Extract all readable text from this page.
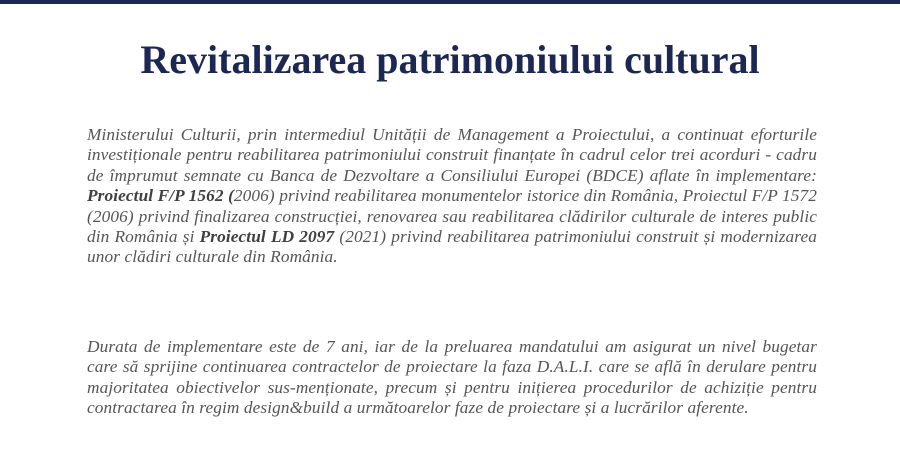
Revitalizarea patrimoniului cultural

Ministerului Culturii, prin intermediul Unității de Management a Proiectului, a continuat eforturile investiționale pentru reabilitarea patrimoniului construit finanțate în cadrul celor trei acorduri - cadru de împrumut semnate cu Banca de Dezvoltare a Consiliului Europei (BDCE) aflate în implementare: Proiectul F/P 1562 (2006) privind reabilitarea monumentelor istorice din România, Proiectul F/P 1572 (2006) privind finalizarea construcției, renovarea sau reabilitarea clădirilor culturale de interes public din România și Proiectul LD 2097 (2021) privind reabilitarea patrimoniului construit și modernizarea unor clădiri culturale din România.

Durata de implementare este de 7 ani, iar de la preluarea mandatului am asigurat un nivel bugetar care să sprijine continuarea contractelor de proiectare la faza D.A.L.I. care se află în derulare pentru majoritatea obiectivelor sus-menționate, precum și pentru inițierea procedurilor de achiziție pentru contractarea în regim design&build a următoarelor faze de proiectare și a lucrărilor aferente.
